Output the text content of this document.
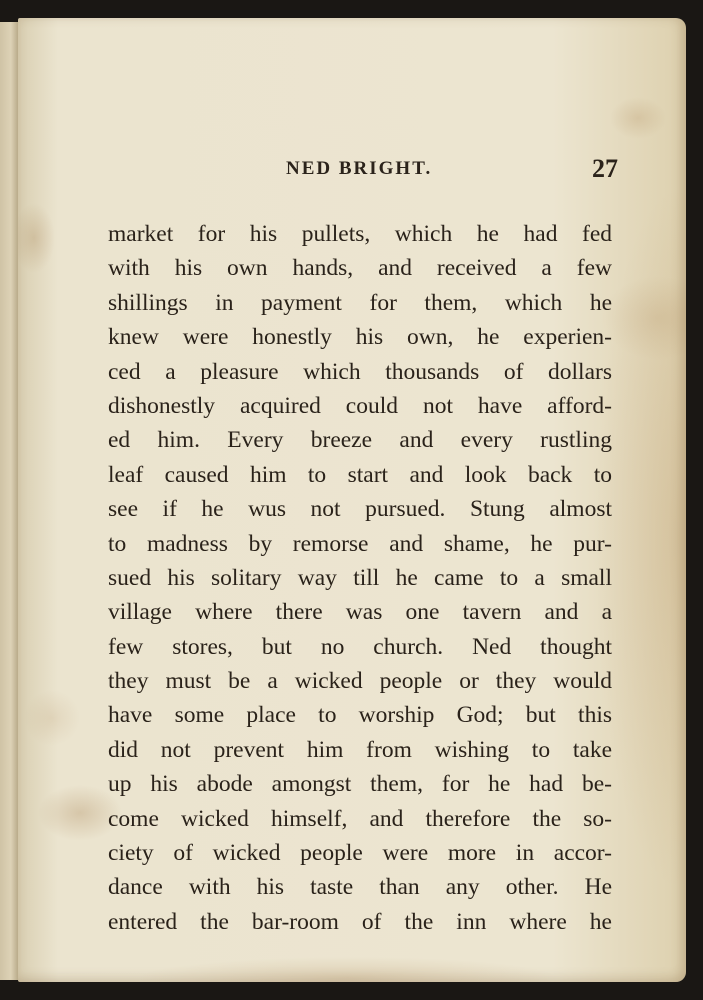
NED BRIGHT.	27
market for his pullets, which he had fed
with his own hands, and received a few
shillings in payment for them, which he
knew were honestly his own, he experien-
ced a pleasure which thousands of dollars
dishonestly acquired could not have afford-
ed him. Every breeze and every rustling
leaf caused him to start and look back to
see if he wus not pursued. Stung almost
to madness by remorse and shame, he pur-
sued his solitary way till he came to a small
village where there was one tavern and a
few stores, but no church. Ned thought
they must be a wicked people or they would
have some place to worship God; but this
did not prevent him from wishing to take
up his abode amongst them, for he had be-
come wicked himself, and therefore the so-
ciety of wicked people were more in accor-
dance with his taste than any other. He
entered the bar-room of the inn where he
